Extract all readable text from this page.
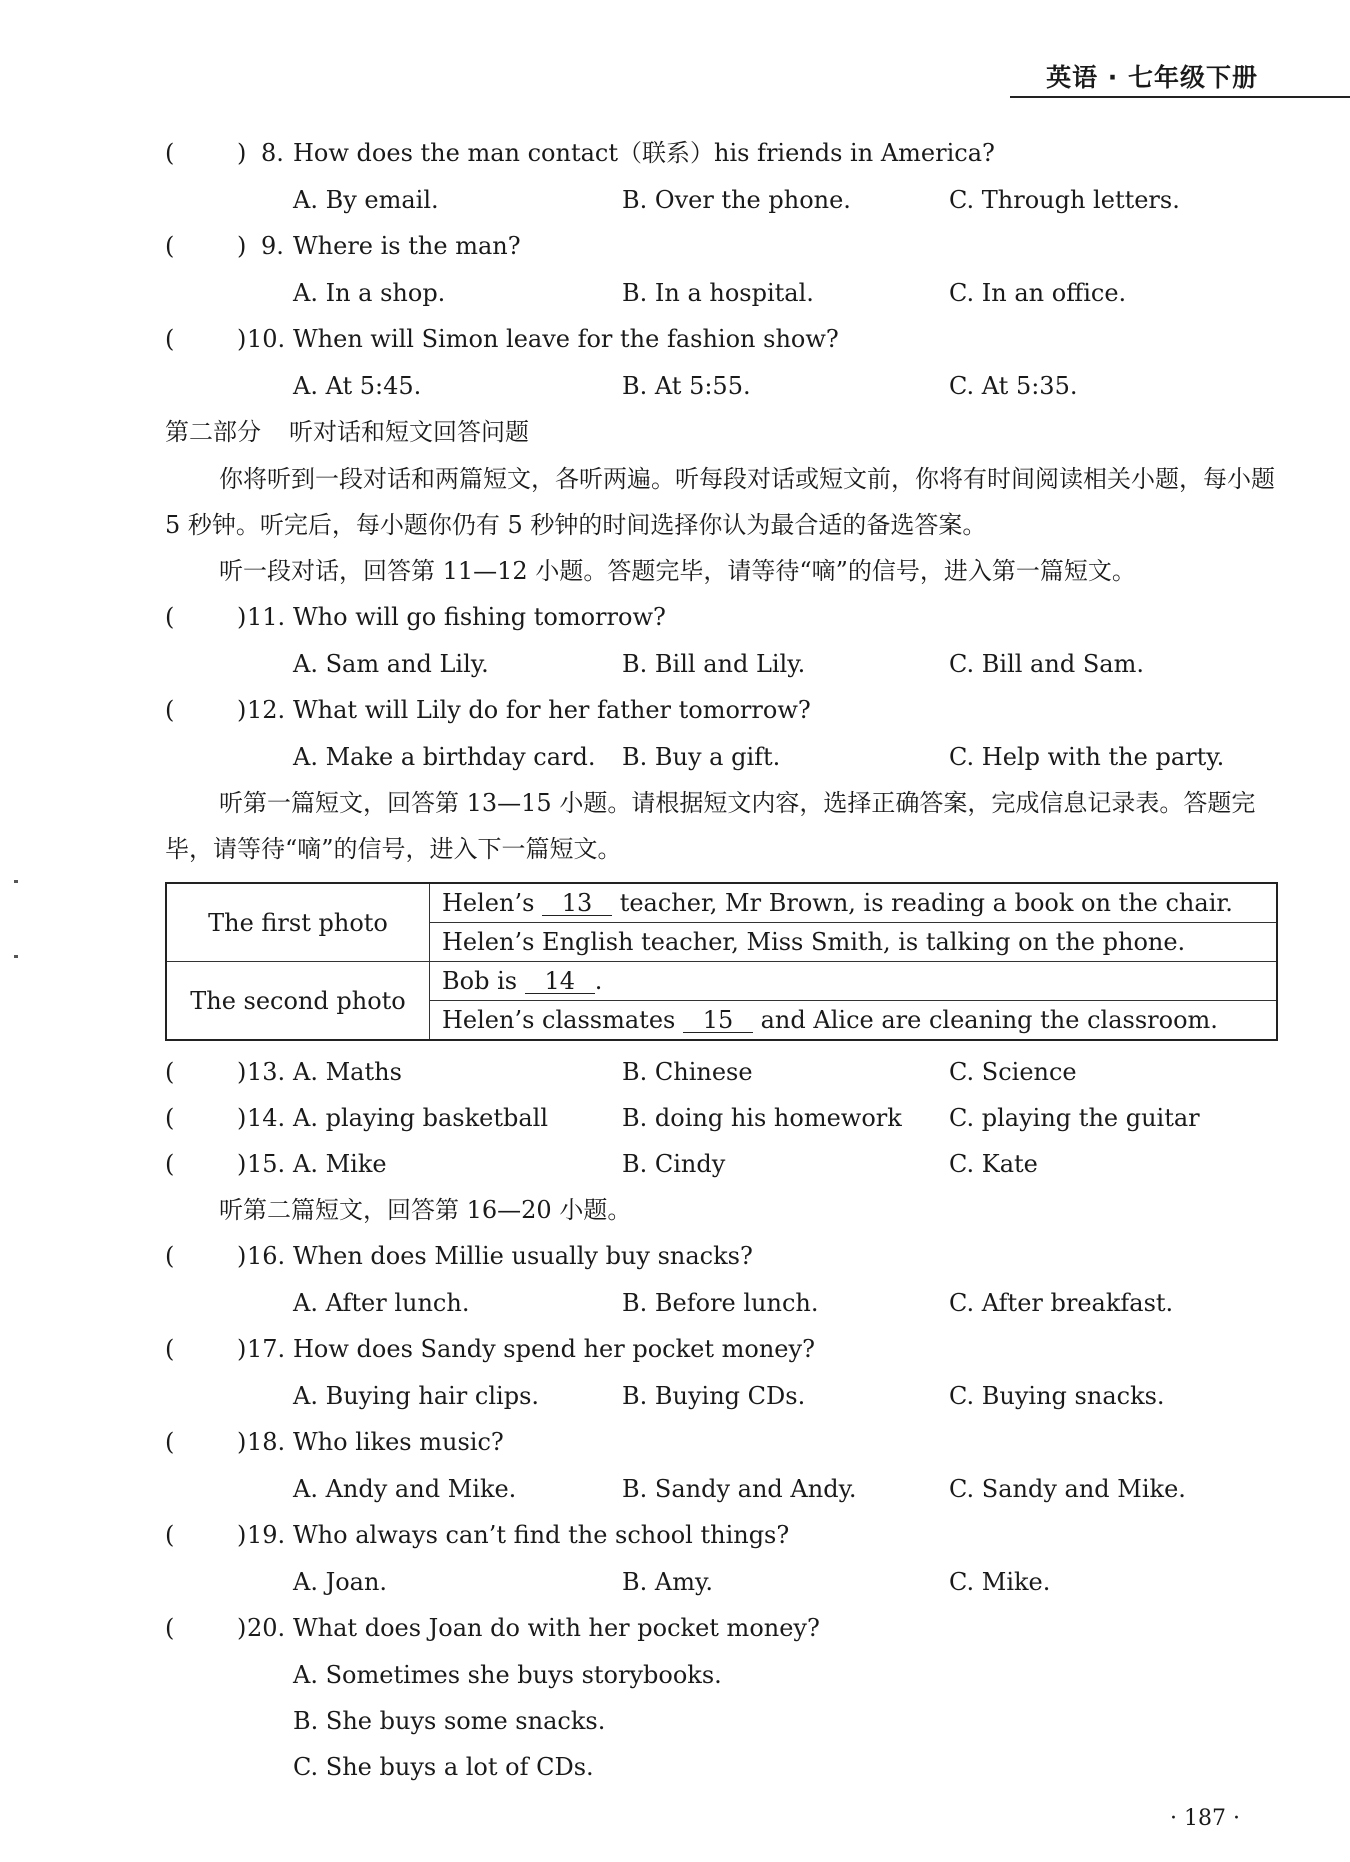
英语 · 七年级下册
(	) 8. How does the man contact（联系）his friends in America?
A. By email.	B. Over the phone.	C. Through letters.
(	) 9. Where is the man?
A. In a shop.	B. In a hospital.	C. In an office.
(	) 10. When will Simon leave for the fashion show?
A. At 5:45.	B. At 5:55.	C. At 5:35.
第二部分 听对话和短文回答问题
你将听到一段对话和两篇短文，各听两遍。听每段对话或短文前，你将有时间阅读相关小题，每小题 5 秒钟。听完后，每小题你仍有 5 秒钟的时间选择你认为最合适的备选答案。
听一段对话，回答第 11—12 小题。答题完毕，请等待“嘀”的信号，进入第一篇短文。
(	) 11. Who will go fishing tomorrow?
A. Sam and Lily.	B. Bill and Lily.	C. Bill and Sam.
(	) 12. What will Lily do for her father tomorrow?
A. Make a birthday card. B. Buy a gift.	C. Help with the party.
听第一篇短文，回答第 13—15 小题。请根据短文内容，选择正确答案，完成信息记录表。答题完毕，请等待“嘀”的信号，进入下一篇短文。
The first photo	Helen’s 13 teacher, Mr Brown, is reading a book on the chair.
	Helen’s English teacher, Miss Smith, is talking on the phone.
The second photo	Bob is 14 .
	Helen’s classmates 15 and Alice are cleaning the classroom.
(	) 13. A. Maths	B. Chinese	C. Science
(	) 14. A. playing basketball	B. doing his homework C. playing the guitar
(	) 15. A. Mike	B. Cindy	C. Kate
听第二篇短文，回答第 16—20 小题。
(	) 16. When does Millie usually buy snacks?
A. After lunch.	B. Before lunch.	C. After breakfast.
(	) 17. How does Sandy spend her pocket money?
A. Buying hair clips.	B. Buying CDs.	C. Buying snacks.
(	) 18. Who likes music?
A. Andy and Mike.	B. Sandy and Andy.	C. Sandy and Mike.
(	) 19. Who always can’t find the school things?
A. Joan.	B. Amy.	C. Mike.
(	) 20. What does Joan do with her pocket money?
A. Sometimes she buys storybooks.
B. She buys some snacks.
C. She buys a lot of CDs.
· 187 ·
